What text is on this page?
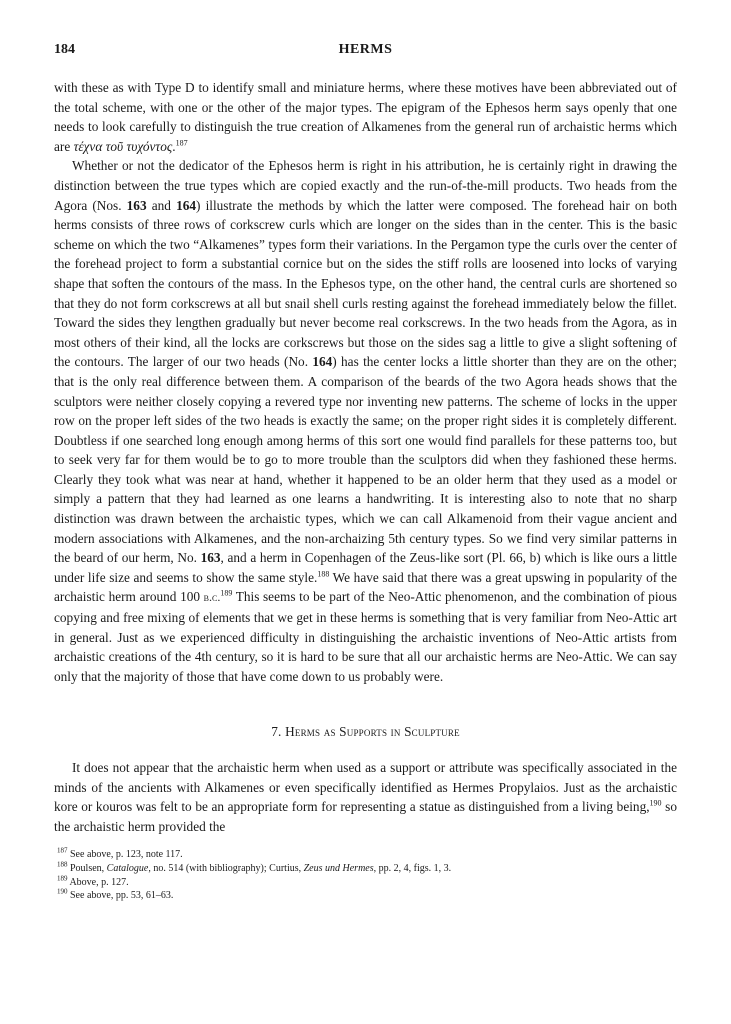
184	HERMS

with these as with Type D to identify small and miniature herms, where these motives have been abbreviated out of the total scheme, with one or the other of the major types. The epigram of the Ephesos herm says openly that one needs to look carefully to distinguish the true creation of Alkamenes from the general run of archaistic herms which are τέχνα τοῦ τυχόντος.$^{187}$

Whether or not the dedicator of the Ephesos herm is right in his attribution, he is certainly right in drawing the distinction between the true types which are copied exactly and the run-of-the-mill products. Two heads from the Agora (Nos. 163 and 164) illustrate the methods by which the latter were composed. The forehead hair on both herms consists of three rows of corkscrew curls which are longer on the sides than in the center. This is the basic scheme on which the two “Alkamenes” types form their variations. In the Pergamon type the curls over the center of the forehead project to form a substantial cornice but on the sides the stiff rolls are loosened into locks of varying shape that soften the contours of the mass. In the Ephesos type, on the other hand, the central curls are shortened so that they do not form corkscrews at all but snail shell curls resting against the forehead immediately below the fillet. Toward the sides they lengthen gradually but never become real corkscrews. In the two heads from the Agora, as in most others of their kind, all the locks are corkscrews but those on the sides sag a little to give a slight softening of the contours. The larger of our two heads (No. 164) has the center locks a little shorter than they are on the other; that is the only real difference between them. A comparison of the beards of the two Agora heads shows that the sculptors were neither closely copying a revered type nor inventing new patterns. The scheme of locks in the upper row on the proper left sides of the two heads is exactly the same; on the proper right sides it is completely different. Doubtless if one searched long enough among herms of this sort one would find parallels for these patterns too, but to seek very far for them would be to go to more trouble than the sculptors did when they fashioned these herms. Clearly they took what was near at hand, whether it happened to be an older herm that they used as a model or simply a pattern that they had learned as one learns a handwriting. It is interesting also to note that no sharp distinction was drawn between the archaistic types, which we can call Alkamenoid from their vague ancient and modern associations with Alkamenes, and the non-archaizing 5th century types. So we find very similar patterns in the beard of our herm, No. 163, and a herm in Copenhagen of the Zeus-like sort (Pl. 66, b) which is like ours a little under life size and seems to show the same style.$^{188}$ We have said that there was a great upswing in popularity of the archaistic herm around 100 b.c.$^{189}$ This seems to be part of the Neo-Attic phenomenon, and the combination of pious copying and free mixing of elements that we get in these herms is something that is very familiar from Neo-Attic art in general. Just as we experienced difficulty in distinguishing the archaistic inventions of Neo-Attic artists from archaistic creations of the 4th century, so it is hard to be sure that all our archaistic herms are Neo-Attic. We can say only that the majority of those that have come down to us probably were.

7. Herms as Supports in Sculpture

It does not appear that the archaistic herm when used as a support or attribute was specifically associated in the minds of the ancients with Alkamenes or even specifically identified as Hermes Propylaios. Just as the archaistic kore or kouros was felt to be an appropriate form for representing a statue as distinguished from a living being,$^{190}$ so the archaistic herm provided the

$^{187}$ See above, p. 123, note 117.
$^{188}$ Poulsen, Catalogue, no. 514 (with bibliography); Curtius, Zeus und Hermes, pp. 2, 4, figs. 1, 3.
$^{189}$ Above, p. 127.
$^{190}$ See above, pp. 53, 61–63.
